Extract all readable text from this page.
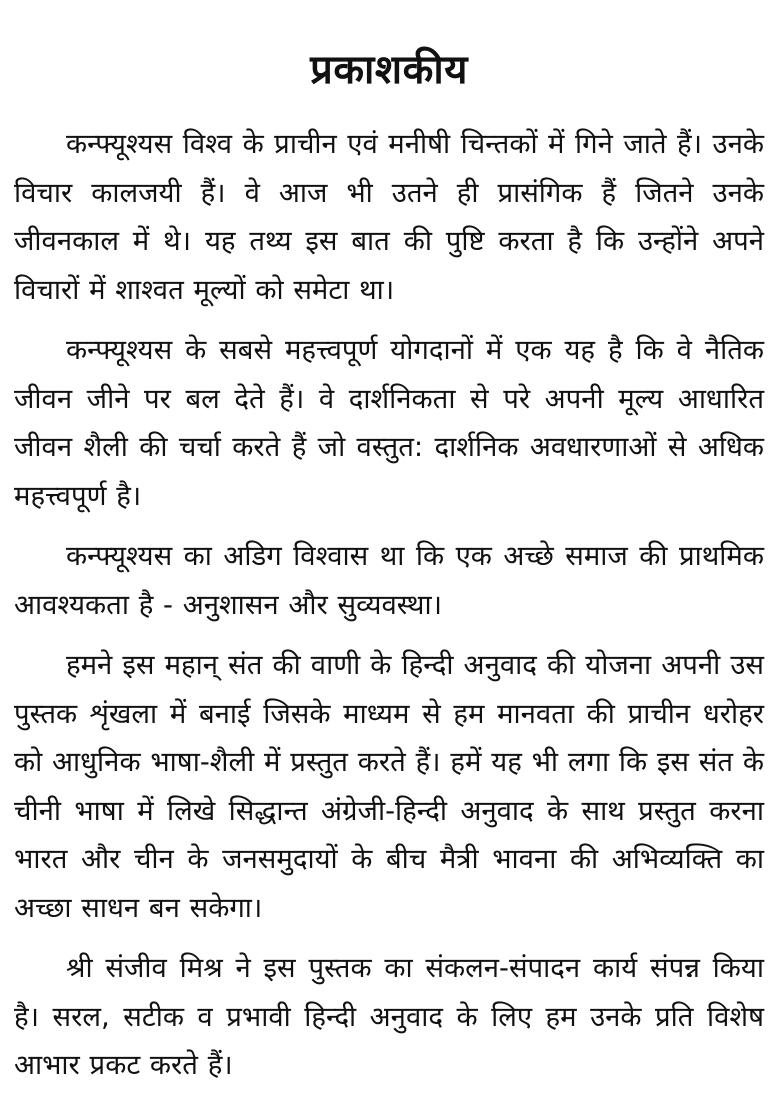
प्रकाशकीय

कन्फ्यूश्यस विश्व के प्राचीन एवं मनीषी चिन्तकों में गिने जाते हैं। उनके विचार कालजयी हैं। वे आज भी उतने ही प्रासंगिक हैं जितने उनके जीवनकाल में थे। यह तथ्य इस बात की पुष्टि करता है कि उन्होंने अपने विचारों में शाश्वत मूल्यों को समेटा था।

कन्फ्यूश्यस के सबसे महत्त्वपूर्ण योगदानों में एक यह है कि वे नैतिक जीवन जीने पर बल देते हैं। वे दार्शनिकता से परे अपनी मूल्य आधारित जीवन शैली की चर्चा करते हैं जो वस्तुत: दार्शनिक अवधारणाओं से अधिक महत्त्वपूर्ण है।

कन्फ्यूश्यस का अडिग विश्वास था कि एक अच्छे समाज की प्राथमिक आवश्यकता है - अनुशासन और सुव्यवस्था।

हमने इस महान् संत की वाणी के हिन्दी अनुवाद की योजना अपनी उस पुस्तक शृंखला में बनाई जिसके माध्यम से हम मानवता की प्राचीन धरोहर को आधुनिक भाषा-शैली में प्रस्तुत करते हैं। हमें यह भी लगा कि इस संत के चीनी भाषा में लिखे सिद्धान्त अंग्रेजी-हिन्दी अनुवाद के साथ प्रस्तुत करना भारत और चीन के जनसमुदायों के बीच मैत्री भावना की अभिव्यक्ति का अच्छा साधन बन सकेगा।

श्री संजीव मिश्र ने इस पुस्तक का संकलन-संपादन कार्य संपन्न किया है। सरल, सटीक व प्रभावी हिन्दी अनुवाद के लिए हम उनके प्रति विशेष आभार प्रकट करते हैं।
